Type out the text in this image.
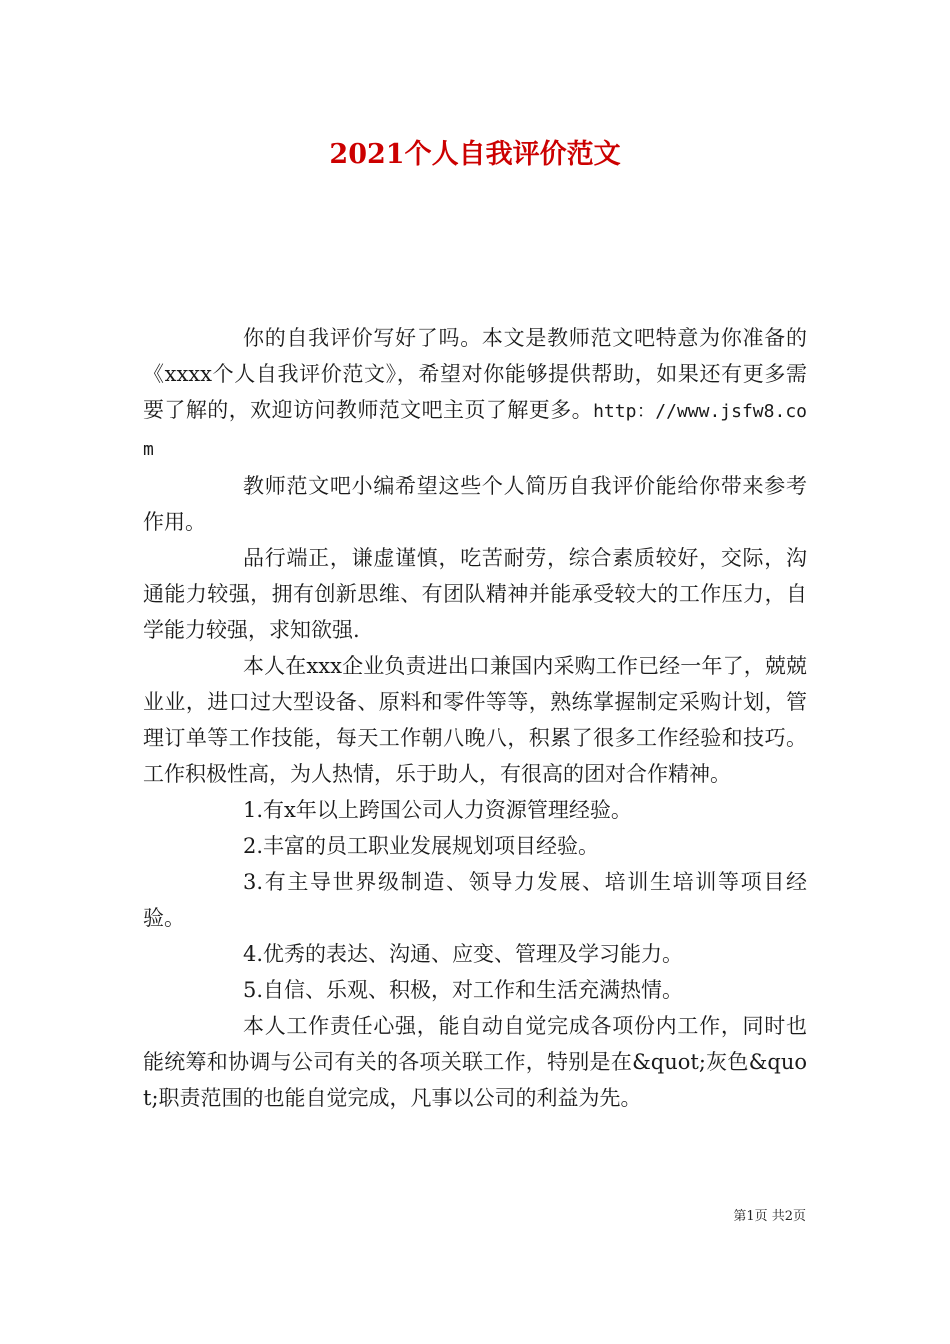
2021个人自我评价范文

你的自我评价写好了吗。本文是教师范文吧特意为你准备的《xxxx个人自我评价范文》，希望对你能够提供帮助，如果还有更多需要了解的，欢迎访问教师范文吧主页了解更多。http：//www.jsfw8.com

教师范文吧小编希望这些个人简历自我评价能给你带来参考作用。

品行端正，谦虚谨慎，吃苦耐劳，综合素质较好，交际，沟通能力较强，拥有创新思维、有团队精神并能承受较大的工作压力，自学能力较强，求知欲强.

本人在xxx企业负责进出口兼国内采购工作已经一年了，兢兢业业，进口过大型设备、原料和零件等等，熟练掌握制定采购计划，管理订单等工作技能，每天工作朝八晚八，积累了很多工作经验和技巧。工作积极性高，为人热情，乐于助人，有很高的团对合作精神。

1.有x年以上跨国公司人力资源管理经验。

2.丰富的员工职业发展规划项目经验。

3.有主导世界级制造、领导力发展、培训生培训等项目经验。

4.优秀的表达、沟通、应变、管理及学习能力。

5.自信、乐观、积极，对工作和生活充满热情。

本人工作责任心强，能自动自觉完成各项份内工作，同时也能统筹和协调与公司有关的各项关联工作，特别是在&quot;灰色&quot;职责范围的也能自觉完成，凡事以公司的利益为先。

第1页 共2页
